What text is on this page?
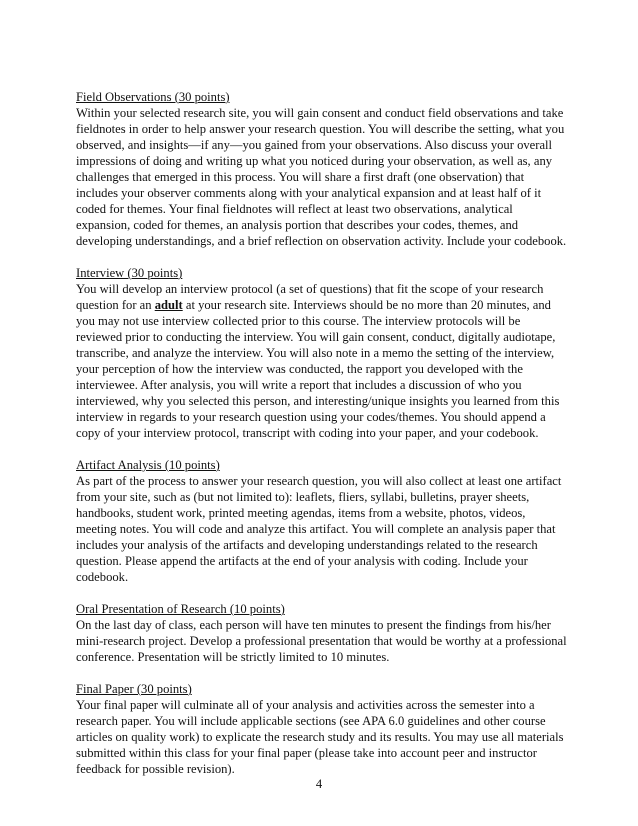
Field Observations (30 points)
Within your selected research site, you will gain consent and conduct field observations and take fieldnotes in order to help answer your research question. You will describe the setting, what you observed, and insights—if any—you gained from your observations. Also discuss your overall impressions of doing and writing up what you noticed during your observation, as well as, any challenges that emerged in this process. You will share a first draft (one observation) that includes your observer comments along with your analytical expansion and at least half of it coded for themes. Your final fieldnotes will reflect at least two observations, analytical expansion, coded for themes, an analysis portion that describes your codes, themes, and developing understandings, and a brief reflection on observation activity. Include your codebook.
Interview (30 points)
You will develop an interview protocol (a set of questions) that fit the scope of your research question for an adult at your research site. Interviews should be no more than 20 minutes, and you may not use interview collected prior to this course. The interview protocols will be reviewed prior to conducting the interview. You will gain consent, conduct, digitally audiotape, transcribe, and analyze the interview. You will also note in a memo the setting of the interview, your perception of how the interview was conducted, the rapport you developed with the interviewee. After analysis, you will write a report that includes a discussion of who you interviewed, why you selected this person, and interesting/unique insights you learned from this interview in regards to your research question using your codes/themes. You should append a copy of your interview protocol, transcript with coding into your paper, and your codebook.
Artifact Analysis (10 points)
As part of the process to answer your research question, you will also collect at least one artifact from your site, such as (but not limited to): leaflets, fliers, syllabi, bulletins, prayer sheets, handbooks, student work, printed meeting agendas, items from a website, photos, videos, meeting notes. You will code and analyze this artifact. You will complete an analysis paper that includes your analysis of the artifacts and developing understandings related to the research question. Please append the artifacts at the end of your analysis with coding. Include your codebook.
Oral Presentation of Research (10 points)
On the last day of class, each person will have ten minutes to present the findings from his/her mini-research project. Develop a professional presentation that would be worthy at a professional conference. Presentation will be strictly limited to 10 minutes.
Final Paper (30 points)
Your final paper will culminate all of your analysis and activities across the semester into a research paper. You will include applicable sections (see APA 6.0 guidelines and other course articles on quality work) to explicate the research study and its results. You may use all materials submitted within this class for your final paper (please take into account peer and instructor feedback for possible revision).
4
